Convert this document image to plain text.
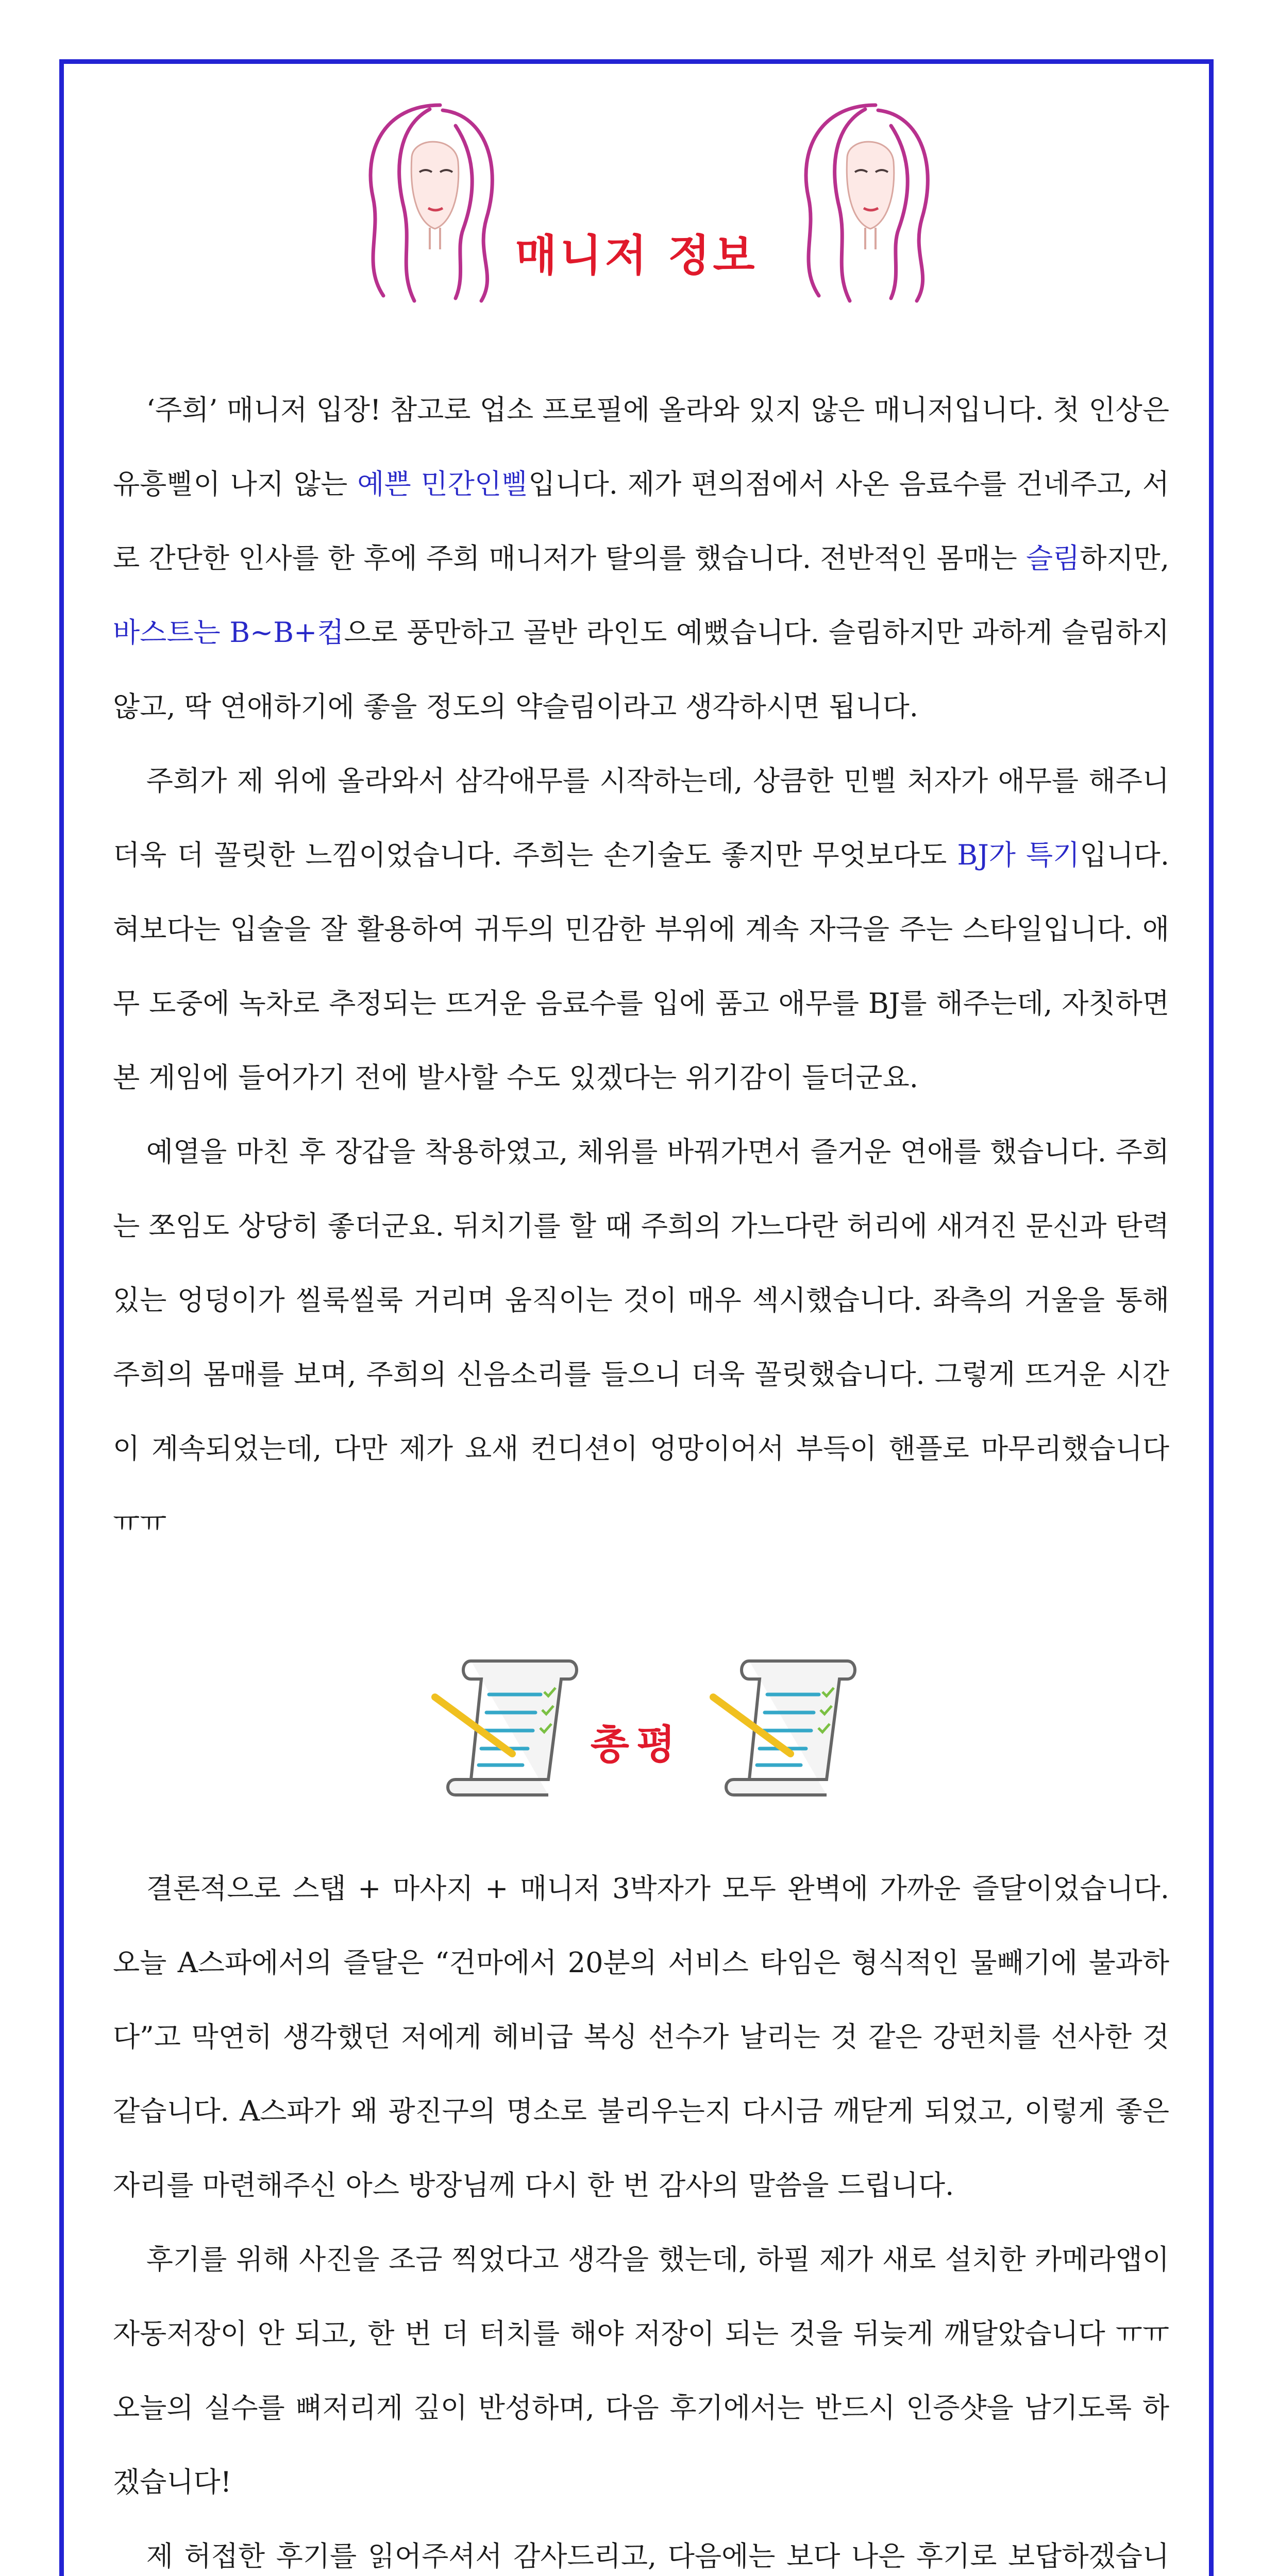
매니저 정보

‘주희’ 매니저 입장! 참고로 업소 프로필에 올라와 있지 않은 매니저입니다. 첫 인상은 유흥삘이 나지 않는 예쁜 민간인삘입니다. 제가 편의점에서 사온 음료수를 건네주고, 서로 간단한 인사를 한 후에 주희 매니저가 탈의를 했습니다. 전반적인 몸매는 슬림하지만, 바스트는 B~B+컵으로 풍만하고 골반 라인도 예뻤습니다. 슬림하지만 과하게 슬림하지 않고, 딱 연애하기에 좋을 정도의 약슬림이라고 생각하시면 됩니다.

주희가 제 위에 올라와서 삼각애무를 시작하는데, 상큼한 민삘 처자가 애무를 해주니 더욱 더 꼴릿한 느낌이었습니다. 주희는 손기술도 좋지만 무엇보다도 BJ가 특기입니다. 혀보다는 입술을 잘 활용하여 귀두의 민감한 부위에 계속 자극을 주는 스타일입니다. 애무 도중에 녹차로 추정되는 뜨거운 음료수를 입에 품고 애무를 BJ를 해주는데, 자칫하면 본 게임에 들어가기 전에 발사할 수도 있겠다는 위기감이 들더군요.

예열을 마친 후 장갑을 착용하였고, 체위를 바꿔가면서 즐거운 연애를 했습니다. 주희는 쪼임도 상당히 좋더군요. 뒤치기를 할 때 주희의 가느다란 허리에 새겨진 문신과 탄력있는 엉덩이가 씰룩씰룩 거리며 움직이는 것이 매우 섹시했습니다. 좌측의 거울을 통해 주희의 몸매를 보며, 주희의 신음소리를 들으니 더욱 꼴릿했습니다. 그렇게 뜨거운 시간이 계속되었는데, 다만 제가 요새 컨디션이 엉망이어서 부득이 핸플로 마무리했습니다 ㅠㅠ

총평

결론적으로 스탭 + 마사지 + 매니저 3박자가 모두 완벽에 가까운 즐달이었습니다. 오늘 A스파에서의 즐달은 “건마에서 20분의 서비스 타임은 형식적인 물빼기에 불과하다”고 막연히 생각했던 저에게 헤비급 복싱 선수가 날리는 것 같은 강펀치를 선사한 것 같습니다. A스파가 왜 광진구의 명소로 불리우는지 다시금 깨닫게 되었고, 이렇게 좋은 자리를 마련해주신 아스 방장님께 다시 한 번 감사의 말씀을 드립니다.

후기를 위해 사진을 조금 찍었다고 생각을 했는데, 하필 제가 새로 설치한 카메라앱이 자동저장이 안 되고, 한 번 더 터치를 해야 저장이 되는 것을 뒤늦게 깨달았습니다 ㅠㅠ 오늘의 실수를 뼈저리게 깊이 반성하며, 다음 후기에서는 반드시 인증샷을 남기도록 하겠습니다!

제 허접한 후기를 읽어주셔서 감사드리고, 다음에는 보다 나은 후기로 보답하겠습니
